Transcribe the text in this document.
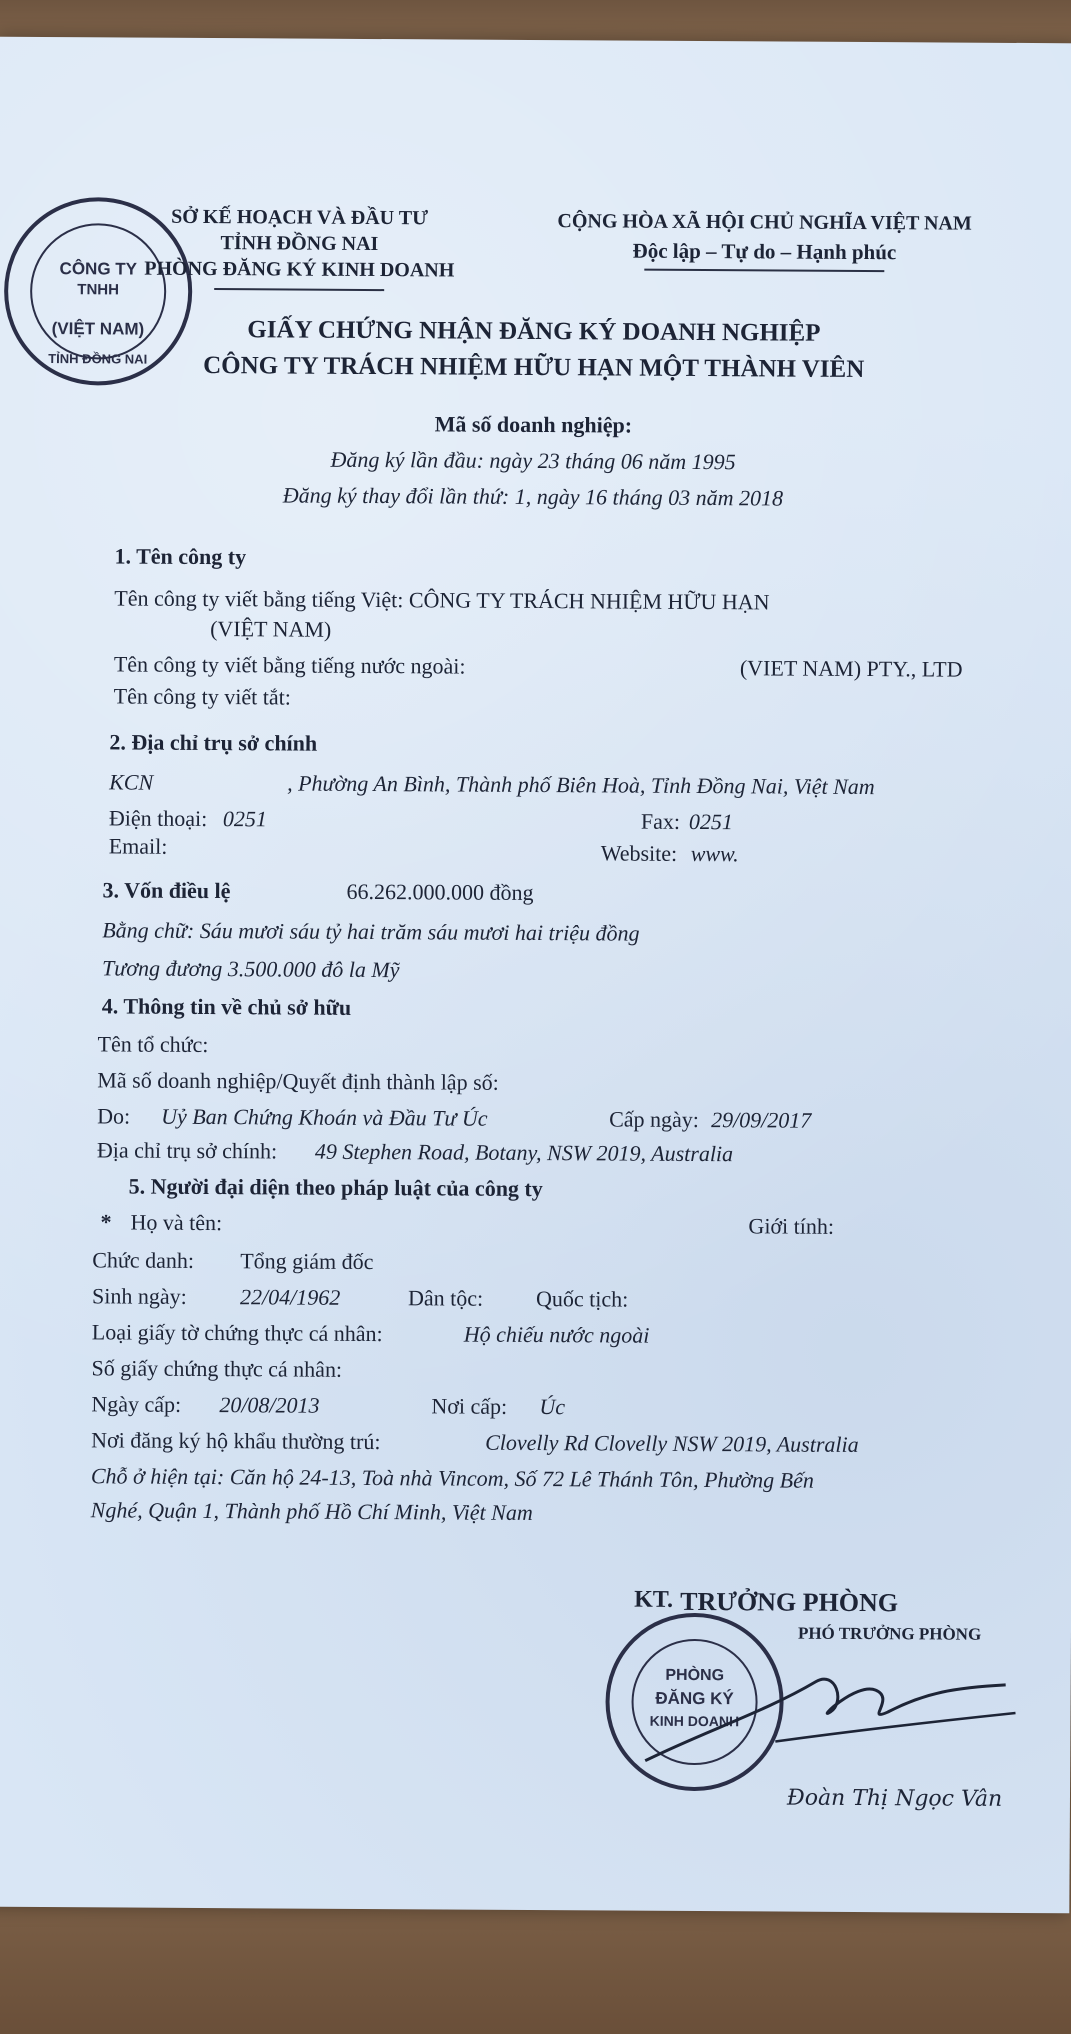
CÔNG TY
TNHH
(VIỆT NAM)
TỈNH ĐỒNG NAI
SỞ KẾ HOẠCH VÀ ĐẦU TƯ
TỈNH ĐỒNG NAI
PHÒNG ĐĂNG KÝ KINH DOANH
CỘNG HÒA XÃ HỘI CHỦ NGHĨA VIỆT NAM
Độc lập – Tự do – Hạnh phúc
GIẤY CHỨNG NHẬN ĐĂNG KÝ DOANH NGHIỆP
CÔNG TY TRÁCH NHIỆM HỮU HẠN MỘT THÀNH VIÊN
Mã số doanh nghiệp:
Đăng ký lần đầu: ngày 23 tháng 06 năm 1995
Đăng ký thay đổi lần thứ: 1, ngày 16 tháng 03 năm 2018
1. Tên công ty
Tên công ty viết bằng tiếng Việt: CÔNG TY TRÁCH NHIỆM HỮU HẠN
(VIỆT NAM)
Tên công ty viết bằng tiếng nước ngoài:	(VIET NAM) PTY., LTD
Tên công ty viết tắt:
2. Địa chỉ trụ sở chính
KCN	, Phường An Bình, Thành phố Biên Hoà, Tỉnh Đồng Nai, Việt Nam
Điện thoại: 0251	Fax: 0251
Email:	Website: www.
3. Vốn điều lệ	66.262.000.000 đồng
Bằng chữ: Sáu mươi sáu tỷ hai trăm sáu mươi hai triệu đồng
Tương đương 3.500.000 đô la Mỹ
4. Thông tin về chủ sở hữu
Tên tổ chức:
Mã số doanh nghiệp/Quyết định thành lập số:
Do: Uỷ Ban Chứng Khoán và Đầu Tư Úc	Cấp ngày: 29/09/2017
Địa chỉ trụ sở chính: 49 Stephen Road, Botany, NSW 2019, Australia
5. Người đại diện theo pháp luật của công ty
* Họ và tên:	Giới tính:
Chức danh: Tổng giám đốc
Sinh ngày: 22/04/1962	Dân tộc: Quốc tịch:
Loại giấy tờ chứng thực cá nhân:	Hộ chiếu nước ngoài
Số giấy chứng thực cá nhân:
Ngày cấp: 20/08/2013	Nơi cấp: Úc
Nơi đăng ký hộ khẩu thường trú:	Clovelly Rd Clovelly NSW 2019, Australia
Chỗ ở hiện tại: Căn hộ 24-13, Toà nhà Vincom, Số 72 Lê Thánh Tôn, Phường Bến
Nghé, Quận 1, Thành phố Hồ Chí Minh, Việt Nam
KT. TRƯỞNG PHÒNG
PHÓ TRƯỞNG PHÒNG
PHÒNG
ĐĂNG KÝ
KINH DOANH
Đoàn Thị Ngọc Vân
